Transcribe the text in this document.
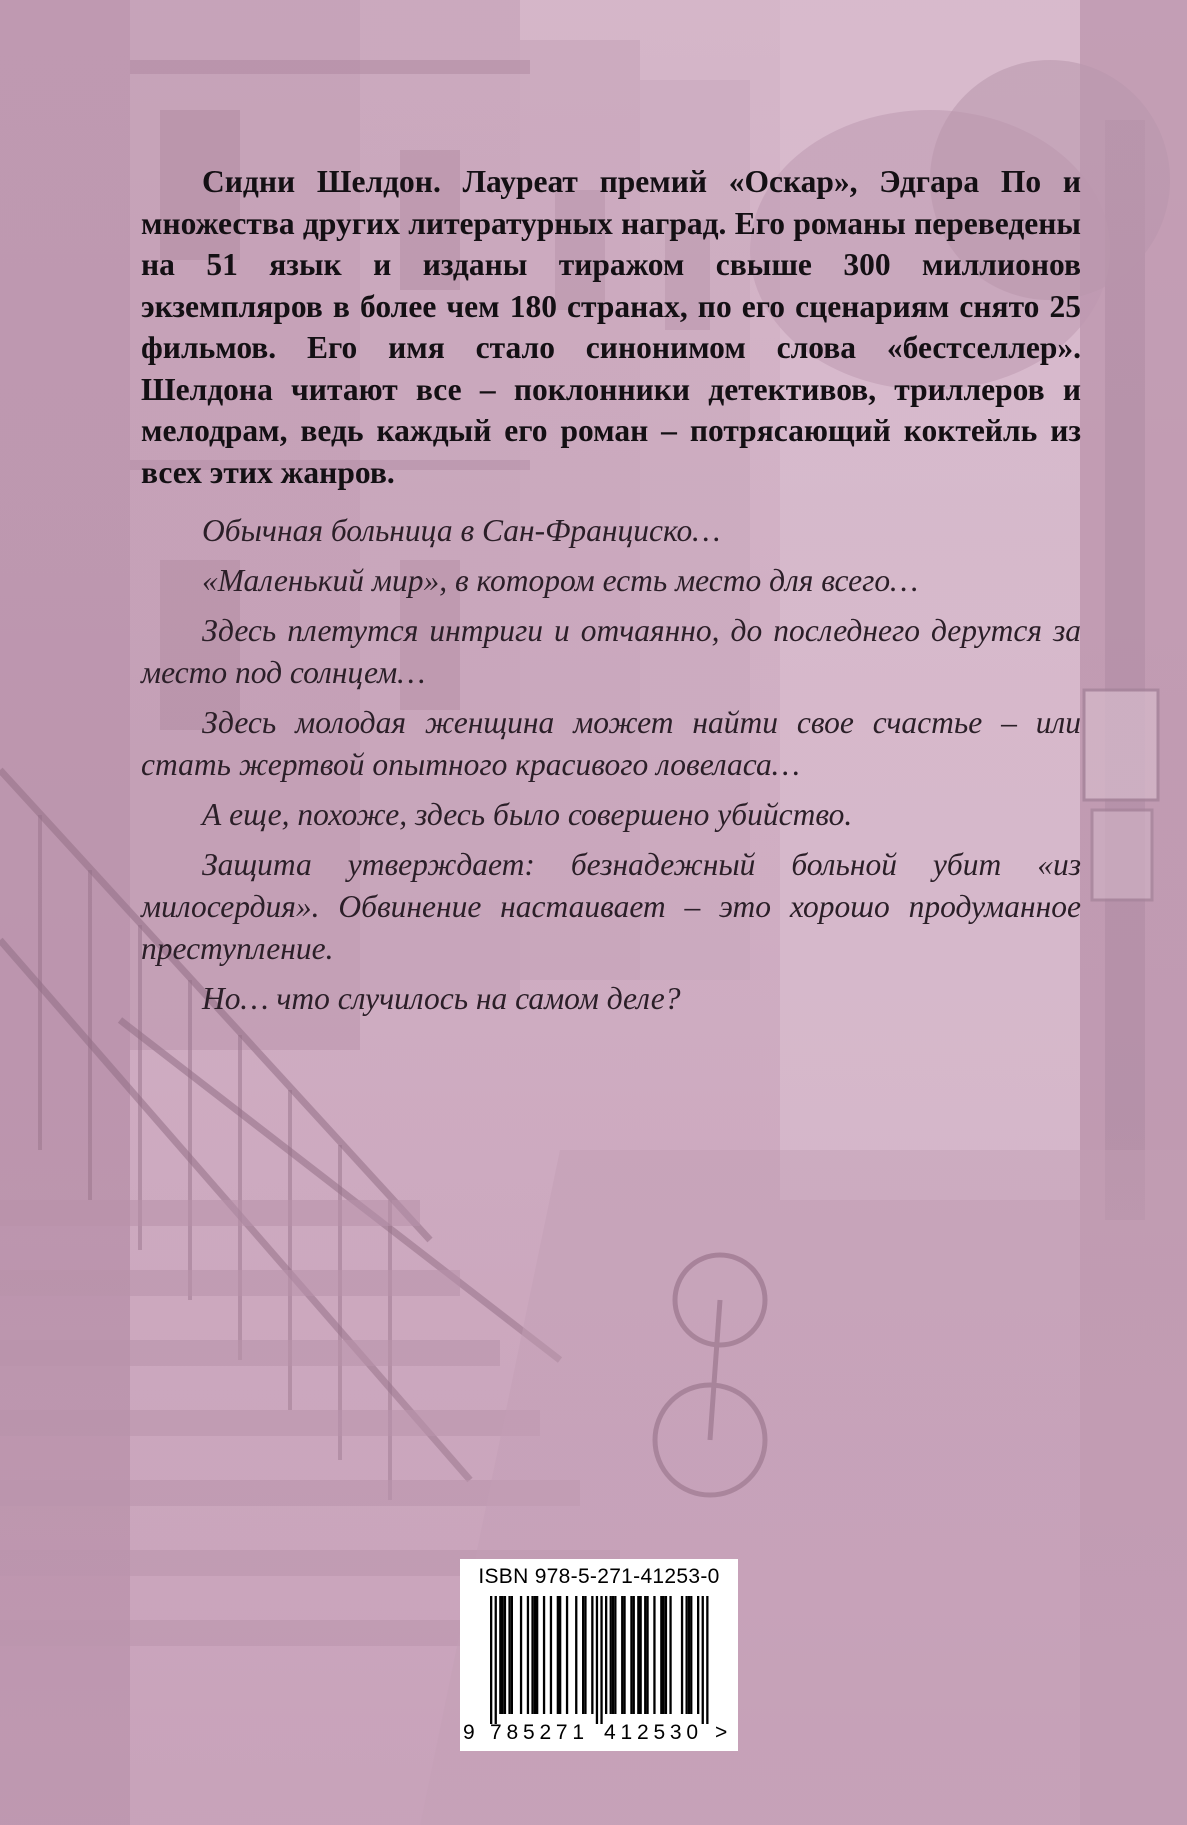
Сидни Шелдон. Лауреат премий «Оскар», Эдгара По и множества других литературных наград. Его романы переведены на 51 язык и изданы тиражом свыше 300 миллионов экземпляров в более чем 180 странах, по его сценариям снято 25 фильмов. Его имя стало синонимом слова «бестселлер». Шелдона читают все – поклонники детективов, триллеров и мелодрам, ведь каждый его роман – потрясающий коктейль из всех этих жанров.

Обычная больница в Сан-Франциско…

«Маленький мир», в котором есть место для всего…

Здесь плетутся интриги и отчаянно, до последнего дерутся за место под солнцем…

Здесь молодая женщина может найти свое счастье – или стать жертвой опытного красивого ловеласа…

А еще, похоже, здесь было совершено убийство.

Защита утверждает: безнадежный больной убит «из милосердия». Обвинение настаивает – это хорошо продуманное преступление.

Но… что случилось на самом деле?

ISBN 978-5-271-41253-0
9 785271 412530 >
